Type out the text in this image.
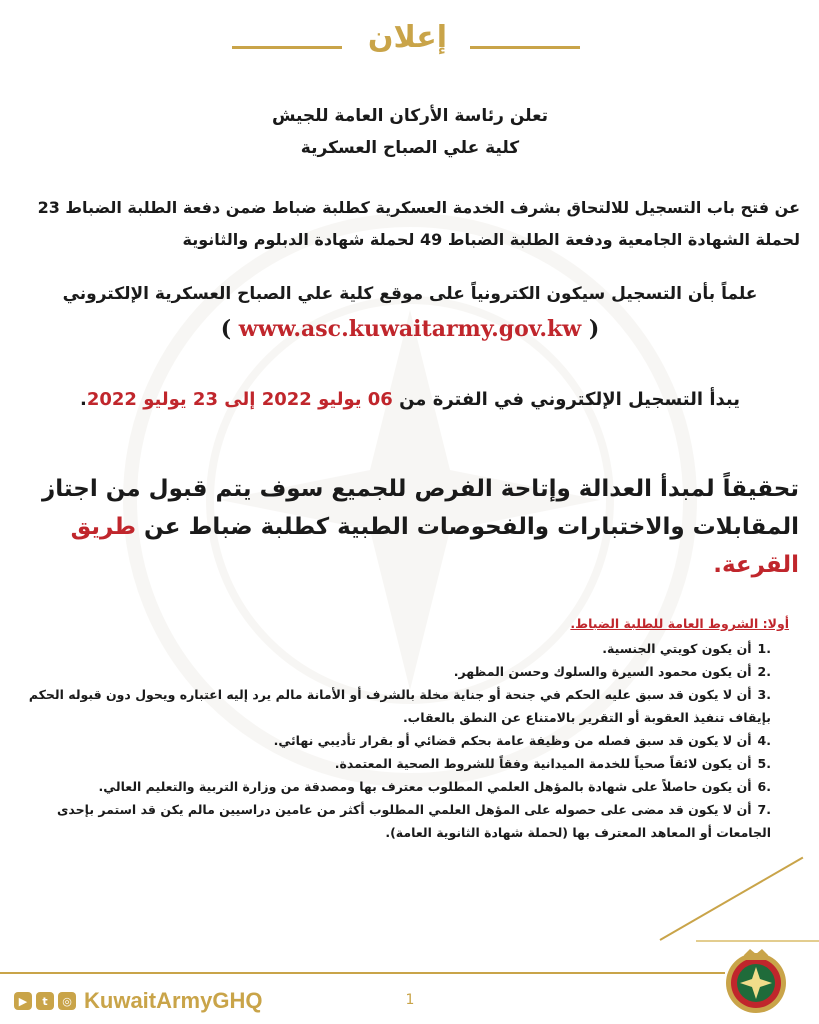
إعلان
تعلن رئاسة الأركان العامة للجيش
كلية علي الصباح العسكرية
عن فتح باب التسجيل للالتحاق بشرف الخدمة العسكرية كطلبة ضباط ضمن دفعة الطلبة الضباط 23 لحملة الشهادة الجامعية ودفعة الطلبة الضباط 49 لحملة شهادة الدبلوم والثانوية
علماً بأن التسجيل سيكون الكترونياً على موقع كلية علي الصباح العسكرية الإلكتروني
( www.asc.kuwaitarmy.gov.kw )
يبدأ التسجيل الإلكتروني في الفترة من 06 يوليو 2022 إلى 23 يوليو 2022.
تحقيقاً لمبدأ العدالة وإتاحة الفرص للجميع سوف يتم قبول من اجتاز المقابلات والاختبارات والفحوصات الطبية كطلبة ضباط عن طريق القرعة.
أولا: الشروط العامة للطلبة الضباط.
.1أن يكون كويتي الجنسية.
.2أن يكون محمود السيرة والسلوك وحسن المظهر.
.3أن لا يكون قد سبق عليه الحكم في جنحة أو جناية مخلة بالشرف أو الأمانة مالم يرد إليه اعتباره ويحول دون قبوله الحكم بإيقاف تنفيذ العقوبة أو التقرير بالامتناع عن النطق بالعقاب.
.4أن لا يكون قد سبق فصله من وظيفة عامة بحكم قضائي أو بقرار تأديبي نهائي.
.5أن يكون لائقاً صحياً للخدمة الميدانية وفقاً للشروط الصحية المعتمدة.
.6أن يكون حاصلاً على شهادة بالمؤهل العلمي المطلوب معترف بها ومصدقة من وزارة التربية والتعليم العالي.
.7أن لا يكون قد مضى على حصوله على المؤهل العلمي المطلوب أكثر من عامين دراسيين مالم يكن قد استمر بإحدى الجامعات أو المعاهد المعترف بها (لحملة شهادة الثانوية العامة).
▶	t	◎ KuwaitArmyGHQ	1
